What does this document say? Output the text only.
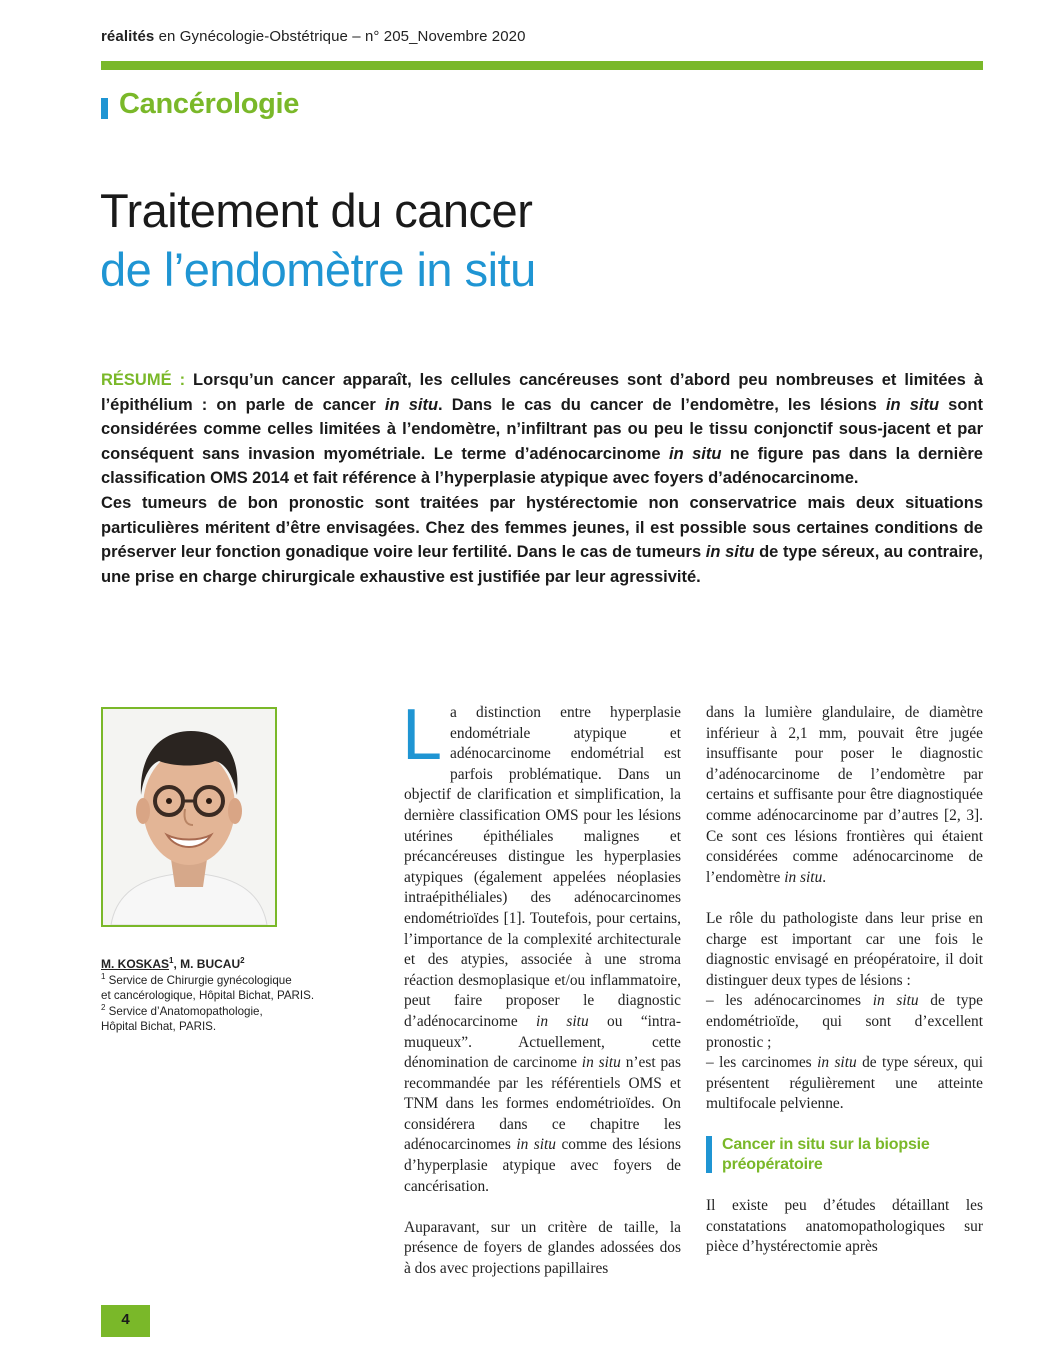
réalités en Gynécologie-Obstétrique – n° 205_Novembre 2020
Cancérologie
Traitement du cancer
de l’endomètre in situ

RÉSUMÉ : Lorsqu’un cancer apparaît, les cellules cancéreuses sont d’abord peu nombreuses et limitées à l’épithélium : on parle de cancer in situ. Dans le cas du cancer de l’endomètre, les lésions in situ sont considérées comme celles limitées à l’endomètre, n’infiltrant pas ou peu le tissu conjonctif sous-jacent et par conséquent sans invasion myométriale. Le terme d’adénocarcinome in situ ne figure pas dans la dernière classification OMS 2014 et fait référence à l’hyperplasie atypique avec foyers d’adénocarcinome.

Ces tumeurs de bon pronostic sont traitées par hystérectomie non conservatrice mais deux situations particulières méritent d’être envisagées. Chez des femmes jeunes, il est possible sous certaines conditions de préserver leur fonction gonadique voire leur fertilité. Dans le cas de tumeurs in situ de type séreux, au contraire, une prise en charge chirurgicale exhaustive est justifiée par leur agressivité.

M. KOSKAS$^1$, M. BUCAU$^2$

$^1$ Service de Chirurgie gynécologique
et cancérologique, Hôpital Bichat, PARIS.

$^2$ Service d’Anatomopathologie,
Hôpital Bichat, PARIS.

La distinction entre hyperplasie endométriale atypique et adénocarcinome endométrial est parfois problématique. Dans un objectif de clarification et simplification, la dernière classification OMS pour les lésions utérines épithéliales malignes et précancéreuses distingue les hyperplasies atypiques (également appelées néoplasies intraépithéliales) des adénocarcinomes endométrioïdes [1]. Toutefois, pour certains, l’importance de la complexité architecturale et des atypies, associée à une stroma réaction desmoplasique et/ou inflammatoire, peut faire proposer le diagnostic d’adénocarcinome in situ ou “intra-muqueux”. Actuellement, cette dénomination de carcinome in situ n’est pas recommandée par les référentiels OMS et TNM dans les formes endométrioïdes. On considérera dans ce chapitre les adénocarcinomes in situ comme des lésions d’hyperplasie atypique avec foyers de cancérisation.

Auparavant, sur un critère de taille, la présence de foyers de glandes adossées dos à dos avec projections papillaires

dans la lumière glandulaire, de diamètre inférieur à 2,1 mm, pouvait être jugée insuffisante pour poser le diagnostic d’adénocarcinome de l’endomètre par certains et suffisante pour être diagnostiquée comme adénocarcinome par d’autres [2, 3]. Ce sont ces lésions frontières qui étaient considérées comme adénocarcinome de l’endomètre in situ.

Le rôle du pathologiste dans leur prise en charge est important car une fois le diagnostic envisagé en préopératoire, il doit distinguer deux types de lésions :

– les adénocarcinomes in situ de type endométrioïde, qui sont d’excellent pronostic ;

– les carcinomes in situ de type séreux, qui présentent régulièrement une atteinte multifocale pelvienne.

Cancer in situ sur la biopsie préopératoire

Il existe peu d’études détaillant les constatations anatomopathologiques sur pièce d’hystérectomie après

4
